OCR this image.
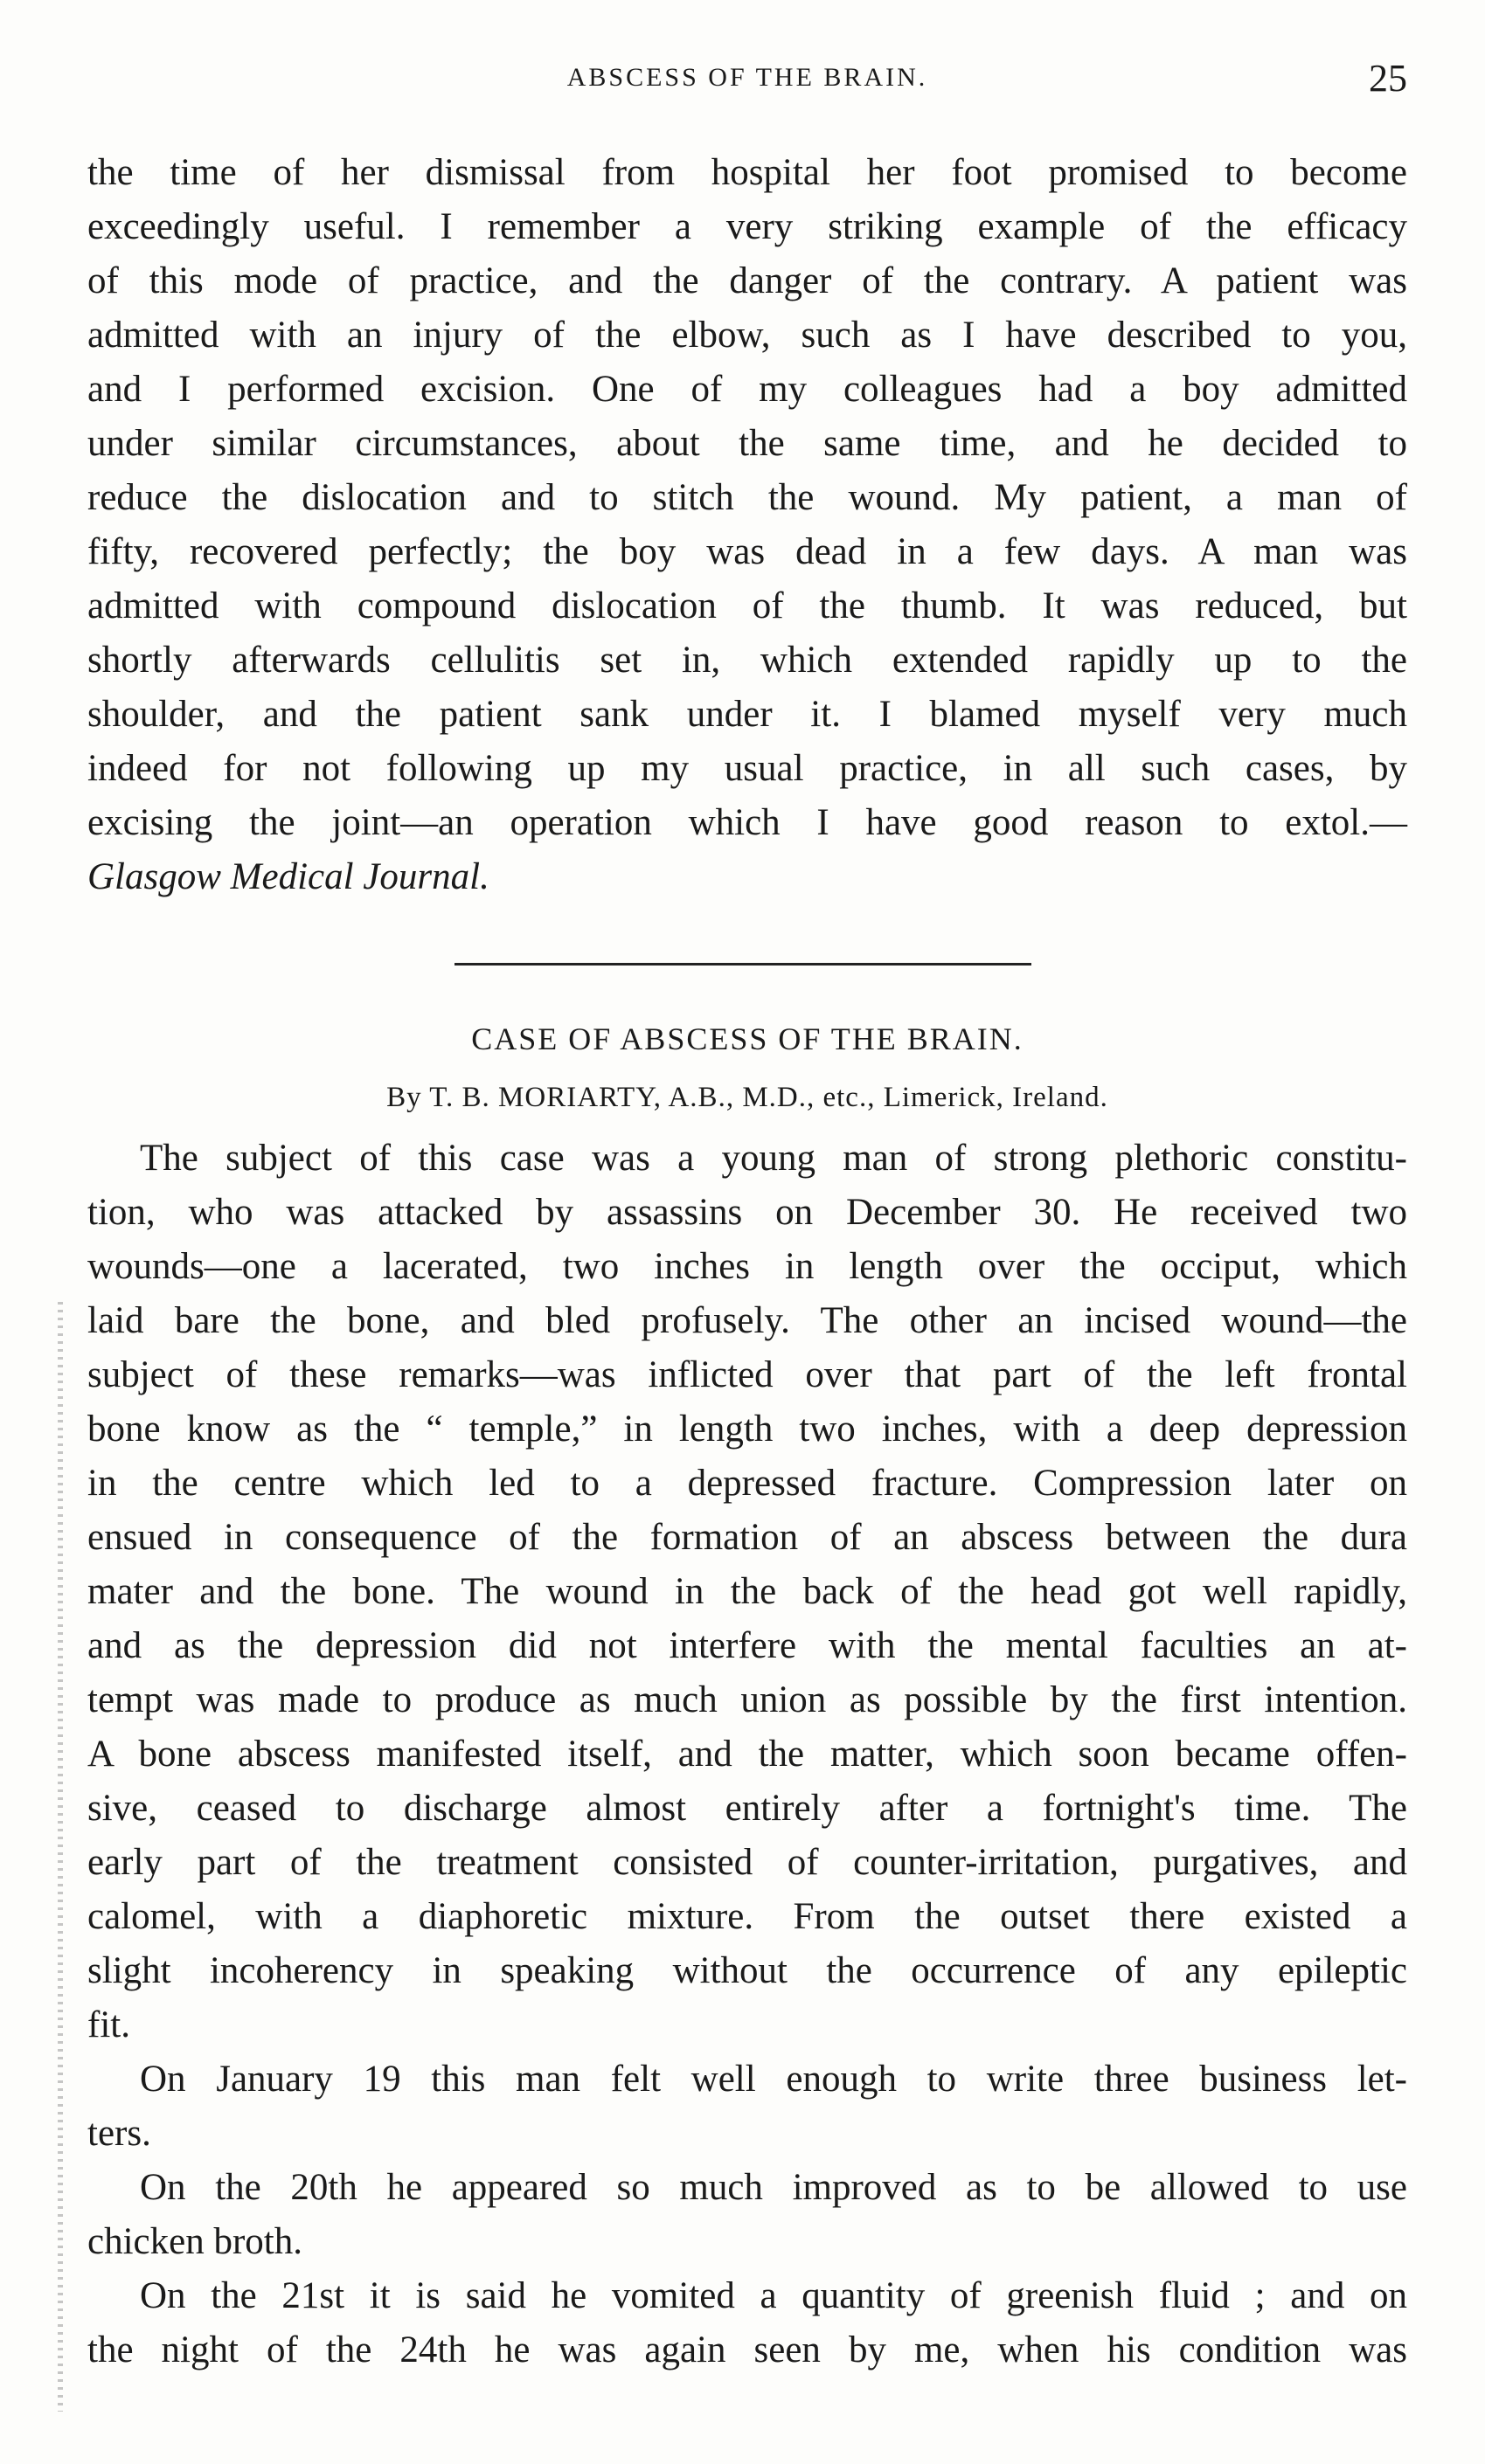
ABSCESS OF THE BRAIN.	25
the time of her dismissal from hospital her foot promised to become
exceedingly useful. I remember a very striking example of the efficacy
of this mode of practice, and the danger of the contrary. A patient was
admitted with an injury of the elbow, such as I have described to you,
and I performed excision. One of my colleagues had a boy admitted
under similar circumstances, about the same time, and he decided to
reduce the dislocation and to stitch the wound. My patient, a man of
fifty, recovered perfectly; the boy was dead in a few days. A man was
admitted with compound dislocation of the thumb. It was reduced, but
shortly afterwards cellulitis set in, which extended rapidly up to the
shoulder, and the patient sank under it. I blamed myself very much
indeed for not following up my usual practice, in all such cases, by
excising the joint—an operation which I have good reason to extol.—
Glasgow Medical Journal.
CASE OF ABSCESS OF THE BRAIN.
By T. B. MORIARTY, A.B., M.D., etc., Limerick, Ireland.
The subject of this case was a young man of strong plethoric constitu-
tion, who was attacked by assassins on December 30. He received two
wounds—one a lacerated, two inches in length over the occiput, which
laid bare the bone, and bled profusely. The other an incised wound—the
subject of these remarks—was inflicted over that part of the left frontal
bone know as the “ temple,” in length two inches, with a deep depression
in the centre which led to a depressed fracture. Compression later on
ensued in consequence of the formation of an abscess between the dura
mater and the bone. The wound in the back of the head got well rapidly,
and as the depression did not interfere with the mental faculties an at-
tempt was made to produce as much union as possible by the first intention.
A bone abscess manifested itself, and the matter, which soon became offen-
sive, ceased to discharge almost entirely after a fortnight's time. The
early part of the treatment consisted of counter-irritation, purgatives, and
calomel, with a diaphoretic mixture. From the outset there existed a
slight incoherency in speaking without the occurrence of any epileptic
fit.
On January 19 this man felt well enough to write three business let-
ters.
On the 20th he appeared so much improved as to be allowed to use
chicken broth.
On the 21st it is said he vomited a quantity of greenish fluid ; and on
the night of the 24th he was again seen by me, when his condition was
